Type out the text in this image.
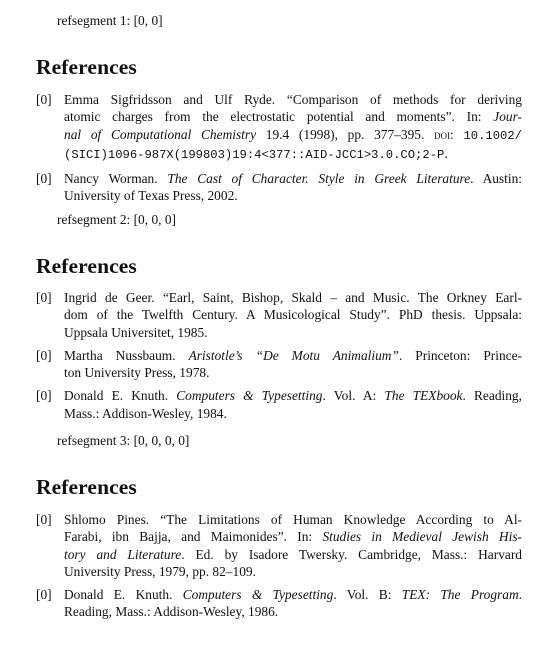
refsegment 1: [0, 0]
References
[0] Emma Sigfridsson and Ulf Ryde. “Comparison of methods for deriving
atomic charges from the electrostatic potential and moments”. In: Jour-
nal of Computational Chemistry 19.4 (1998), pp. 377–395. doi: 10.1002/
(SICI)1096-987X(199803)19:4<377::AID-JCC1>3.0.CO;2-P.
[0] Nancy Worman. The Cast of Character. Style in Greek Literature. Austin:
University of Texas Press, 2002.
refsegment 2: [0, 0, 0]
References
[0] Ingrid de Geer. “Earl, Saint, Bishop, Skald – and Music. The Orkney Earl-
dom of the Twelfth Century. A Musicological Study”. PhD thesis. Uppsala:
Uppsala Universitet, 1985.
[0] Martha Nussbaum. Aristotle’s “De Motu Animalium”. Princeton: Prince-
ton University Press, 1978.
[0] Donald E. Knuth. Computers & Typesetting. Vol. A: The TEXbook. Reading,
Mass.: Addison-Wesley, 1984.
refsegment 3: [0, 0, 0, 0]
References
[0] Shlomo Pines. “The Limitations of Human Knowledge According to Al-
Farabi, ibn Bajja, and Maimonides”. In: Studies in Medieval Jewish His-
tory and Literature. Ed. by Isadore Twersky. Cambridge, Mass.: Harvard
University Press, 1979, pp. 82–109.
[0] Donald E. Knuth. Computers & Typesetting. Vol. B: TEX: The Program.
Reading, Mass.: Addison-Wesley, 1986.
